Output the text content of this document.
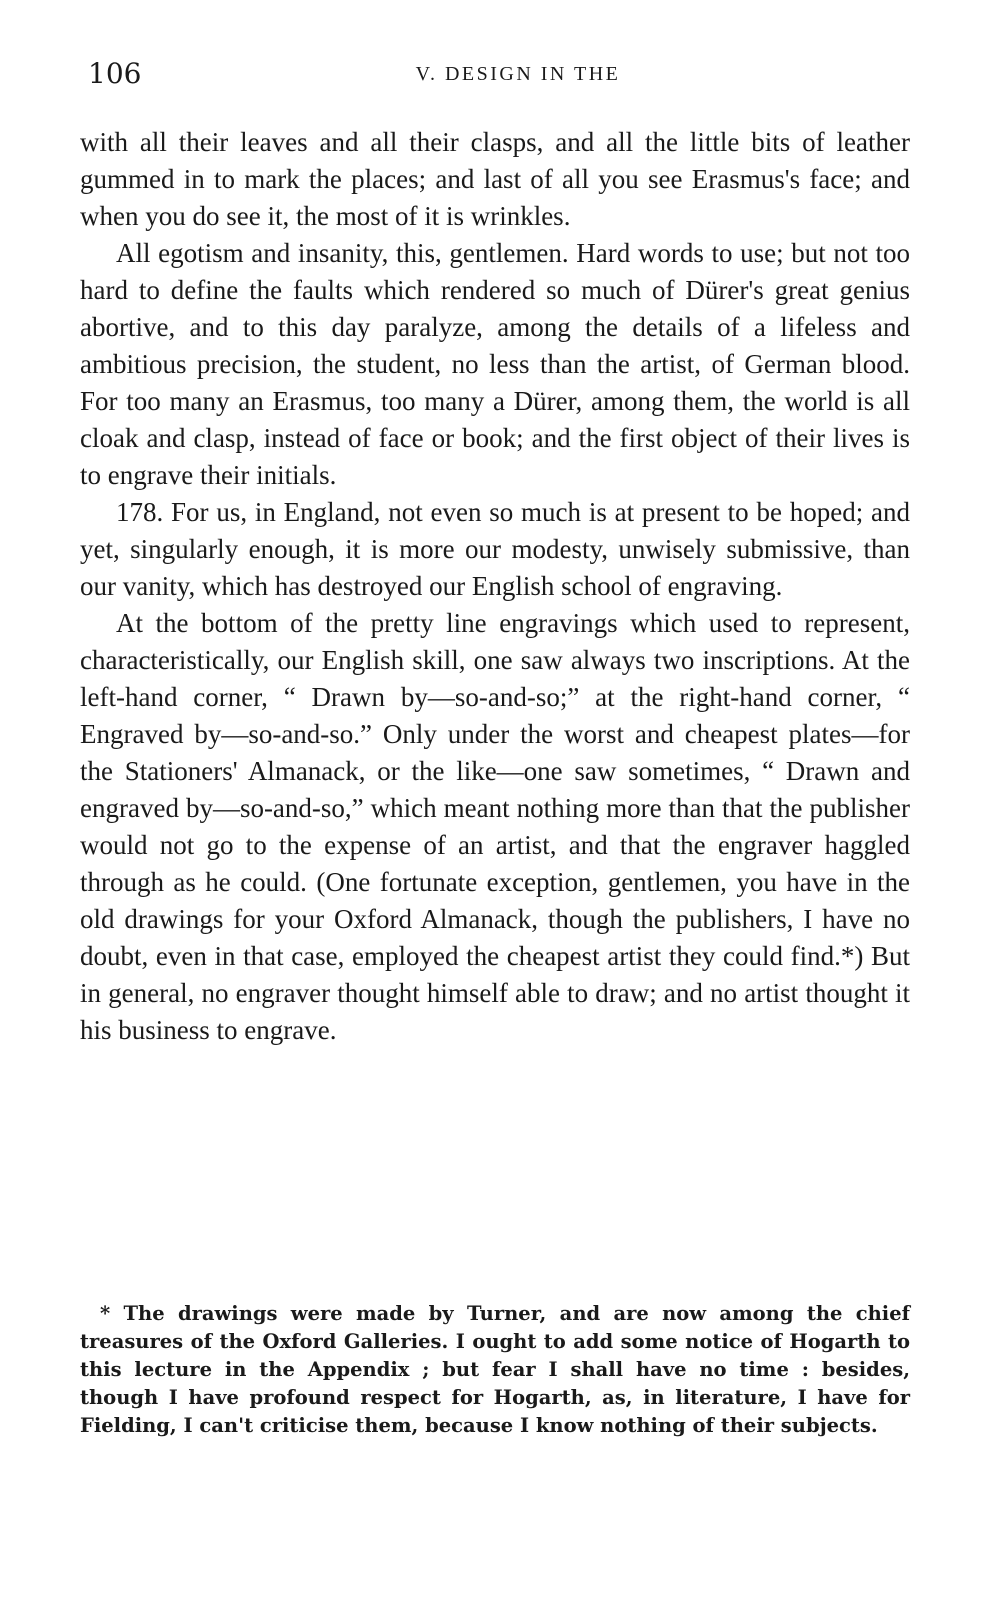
106	V. DESIGN IN THE

with all their leaves and all their clasps, and all the little bits of leather gummed in to mark the places; and last of all you see Erasmus's face; and when you do see it, the most of it is wrinkles.

All egotism and insanity, this, gentlemen. Hard words to use; but not too hard to define the faults which rendered so much of Dürer's great genius abortive, and to this day paralyze, among the details of a lifeless and ambitious precision, the student, no less than the artist, of German blood. For too many an Erasmus, too many a Dürer, among them, the world is all cloak and clasp, instead of face or book; and the first object of their lives is to engrave their initials.

178. For us, in England, not even so much is at present to be hoped; and yet, singularly enough, it is more our modesty, unwisely submissive, than our vanity, which has destroyed our English school of engraving.

At the bottom of the pretty line engravings which used to represent, characteristically, our English skill, one saw always two inscriptions. At the left-hand corner, “ Drawn by—so-and-so;” at the right-hand corner, “ Engraved by—so-and-so.” Only under the worst and cheapest plates—for the Stationers' Almanack, or the like—one saw sometimes, “ Drawn and engraved by—so-and-so,” which meant nothing more than that the publisher would not go to the expense of an artist, and that the engraver haggled through as he could. (One fortunate exception, gentlemen, you have in the old drawings for your Oxford Almanack, though the publishers, I have no doubt, even in that case, employed the cheapest artist they could find.*) But in general, no engraver thought himself able to draw; and no artist thought it his business to engrave.

* The drawings were made by Turner, and are now among the chief treasures of the Oxford Galleries. I ought to add some notice of Hogarth to this lecture in the Appendix ; but fear I shall have no time : besides, though I have profound respect for Hogarth, as, in literature, I have for Fielding, I can't criticise them, because I know nothing of their subjects.
